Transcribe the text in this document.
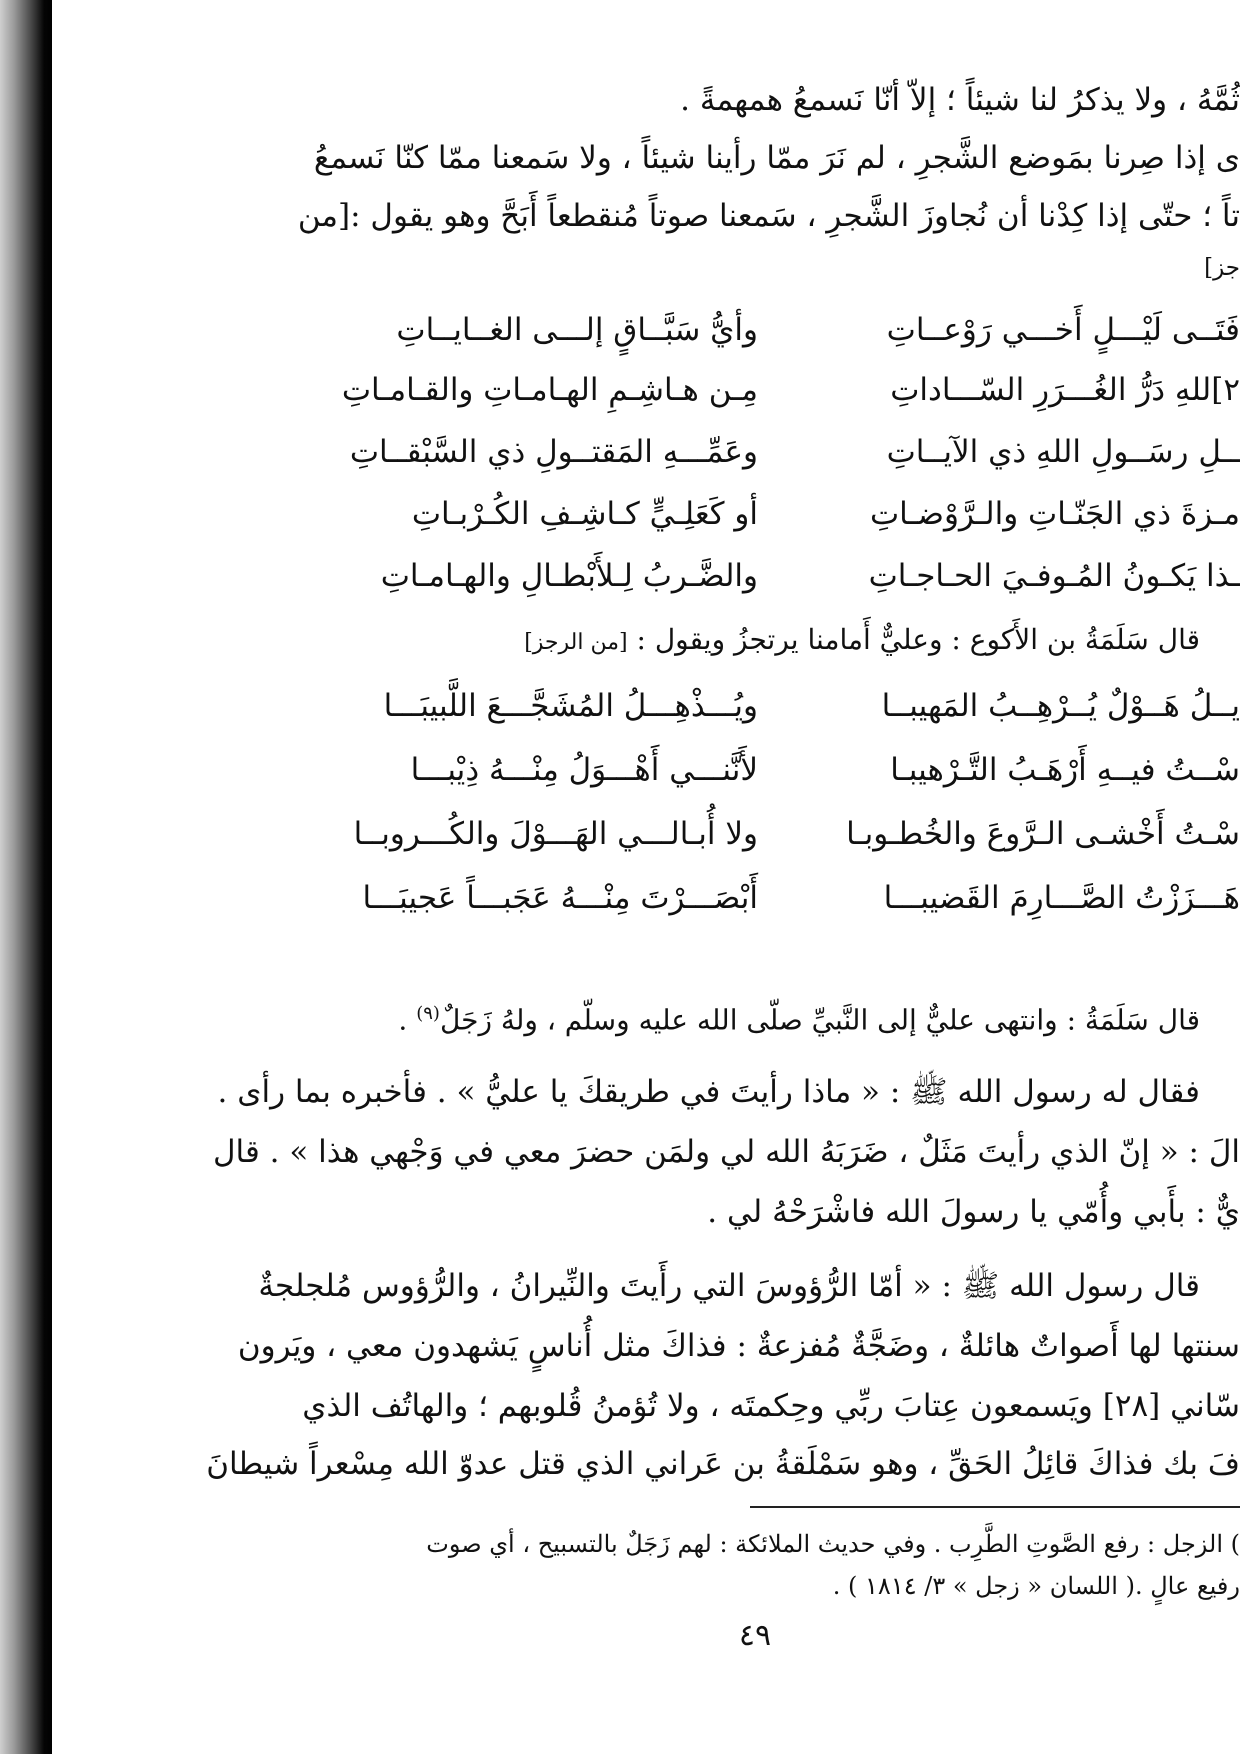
ثُمَّهُ ، ولا يذكرُ لنا شيئاً ؛ إلاّ أنّا نَسمعُ همهمةً .
ى إذا صِرنا بمَوضع الشَّجرِ ، لم نَرَ ممّا رأينا شيئاً ، ولا سَمعنا ممّا كنّا نَسمعُ
تاً ؛ حتّى إذا كِدْنا أن نُجاوزَ الشَّجرِ ، سَمعنا صوتاً مُنقطعاً أَبَحَّ وهو يقول :[من
جز]
فَتَــى لَيْـــلٍ أَخـــي رَوْعــاتِ
وأيُّ سَبَّــاقٍ إلـــى الغــايــاتِ
٢]للهِ دَرُّ الغُـــرَرِ السّـــاداتِ
مِـن هـاشِـمِ الهـامـاتِ والقـامـاتِ
ــلِ رسَــولِ اللهِ ذي الآيــاتِ
وعَمِّـــهِ المَقتــولِ ذي السَّبْقــاتِ
مـزةَ ذي الجَنّـاتِ والـرَّوْضـاتِ
أو كَعَلِـيٍّ كـاشِـفِ الكُـرْبـاتِ
ـذا يَكـونُ المُـوفـيَ الحـاجـاتِ
والضَّـربُ لِـلأَبْطـالِ والهـامـاتِ
قال سَلَمَةُ بن الأَكوع : وعليٌّ أَمامنا يرتجزُ ويقول : [من الرجز]
يــلُ هَــوْلٌ يُــرْهِــبُ المَهيبــا
ويُـــذْهِـــلُ المُشَجَّـــعَ اللَّبيبَـــا
سْــتُ فيــهِ أَرْهَـبُ التَّـرْهيبـا
لأَنَّنـــي أَهْـــوَلُ مِنْـــهُ ذِيْبـــا
سْـتُ أَخْشـى الـرَّوعَ والخُطـوبـا
ولا أُبـالـــي الهَـــوْلَ والكُـــروبــا
هَـــزَزْتُ الصَّـــارِمَ القَضيبـــا
أَبْصَـــرْتَ مِنْـــهُ عَجَبـــاً عَجيبَـــا
قال سَلَمَةُ : وانتهى عليٌّ إلى النَّبيِّ صلّى الله عليه وسلّم ، ولهُ زَجَلٌ$^{(٩)}$ .
فقال له رسول الله ﷺ : « ماذا رأيتَ في طريقكَ يا عليُّ » . فأخبره بما رأى .
الَ : « إنّ الذي رأيتَ مَثَلٌ ، ضَرَبَهُ الله لي ولمَن حضرَ معي في وَجْهي هذا » . قال
يٌّ : بأَبي وأُمّي يا رسولَ الله فاشْرَحْهُ لي .
قال رسول الله ﷺ : « أمّا الرُّؤوسَ التي رأَيتَ والنِّيرانُ ، والرُّؤوس مُلجلجةٌ
سنتها لها أَصواتٌ هائلةٌ ، وضَجَّةٌ مُفزعةٌ : فذاكَ مثل أُناسٍ يَشهدون معي ، ويَرون
سّاني [٢٨] ويَسمعون عِتابَ ربِّي وحِكمتَه ، ولا تُؤمنُ قُلوبهم ؛ والهاتُف الذي
فَ بك فذاكَ قائِلُ الحَقِّ ، وهو سَمْلَقةُ بن عَراني الذي قتل عدوّ الله مِسْعراً شيطانَ
) الزجل : رفع الصَّوتِ الطَّرِب . وفي حديث الملائكة : لهم زَجَلٌ بالتسبيح ، أي صوت
رفيع عالٍ .( اللسان « زجل » ٣/ ١٨١٤ ) .
٤٩
